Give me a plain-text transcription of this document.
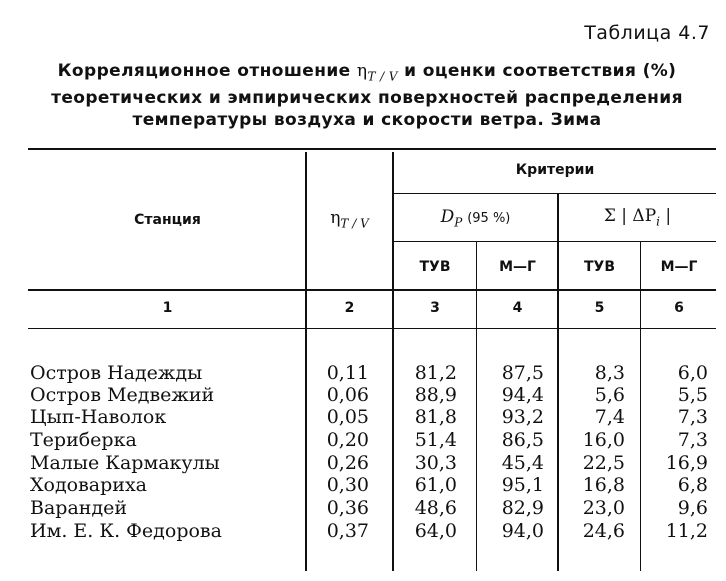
Таблица 4.7
Корреляционное отношение $\eta_{T / V}$ и оценки соответствия (%)
теоретических и эмпирических поверхностей распределения
температуры воздуха и скорости ветра. Зима
Станция	$\eta_{T / V}$
Критерии
$D_P$ (95 %)	Σ | $\Delta P_i$ |
ТУВ	М—Г	ТУВ	М—Г
1	2	3	4	5	6
Остров Надежды	0,11	81,2	87,5	8,3	6,0
Остров Медвежий	0,06	88,9	94,4	5,6	5,5
Цып-Наволок	0,05	81,8	93,2	7,4	7,3
Териберка	0,20	51,4	86,5	16,0	7,3
Малые Кармакулы	0,26	30,3	45,4	22,5	16,9
Ходовариха	0,30	61,0	95,1	16,8	6,8
Варандей	0,36	48,6	82,9	23,0	9,6
Им. Е. К. Федорова	0,37	64,0	94,0	24,6	11,2
